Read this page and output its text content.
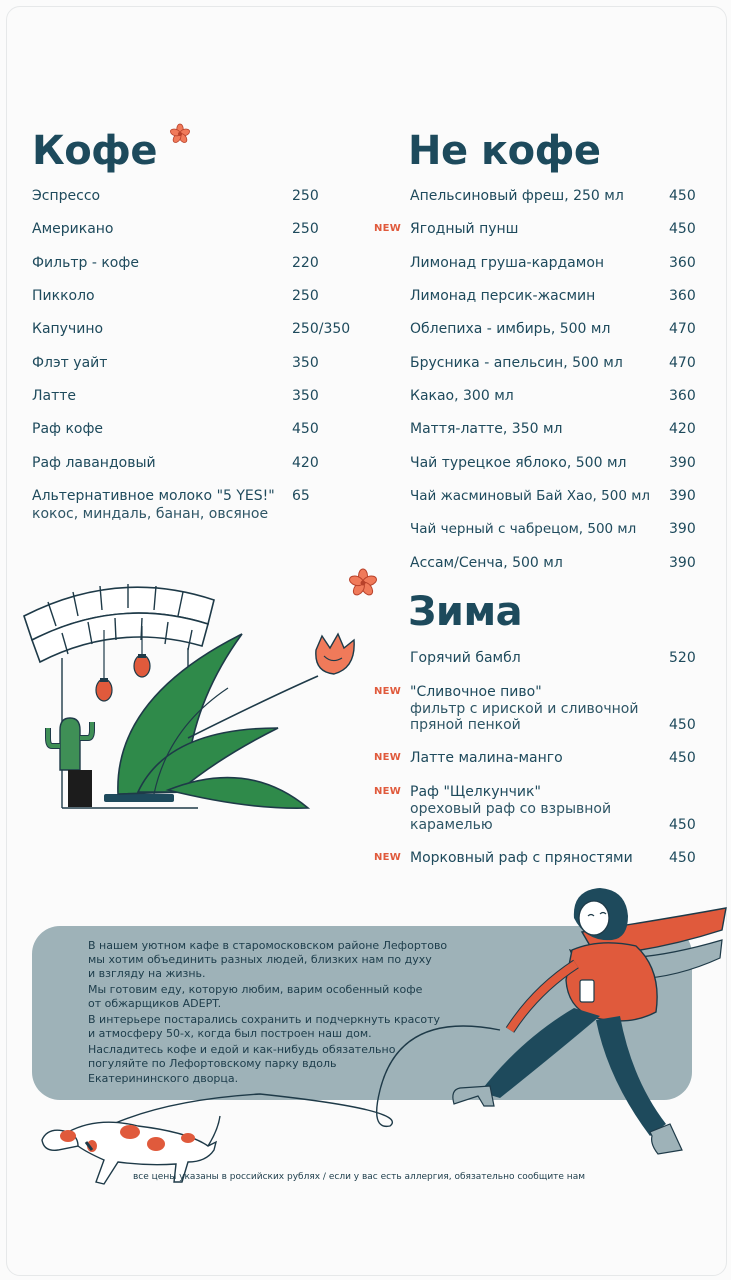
Кофе
Эспрессо	250
Американо	250
Фильтр - кофе	220
Пикколо	250
Капучино	250/350
Флэт уайт	350
Латте	350
Раф кофе	450
Раф лавандовый	420
Альтернативное молоко "5 YES!" 65
кокос, миндаль, банан, овсяное
Не кофе
Апельсиновый фреш, 250 мл	450
NEW Ягодный пунш	450
Лимонад груша-кардамон	360
Лимонад персик-жасмин	360
Облепиха - имбирь, 500 мл	470
Брусника - апельсин, 500 мл	470
Какао, 300 мл	360
Маття-латте, 350 мл	420
Чай турецкое яблоко, 500 мл	390
Чай жасминовый Бай Хао, 500 мл 390
Чай черный с чабрецом, 500 мл 390
Ассам/Сенча, 500 мл	390
Зима
Горячий бамбл	520
NEW "Сливочное пиво"
фильтр с ириской и сливочной
пряной пенкой	450
NEW Латте малина-манго	450
NEW Раф "Щелкунчик"
ореховый раф со взрывной
карамелью	450
NEW Морковный раф с пряностями	450
В нашем уютном кафе в старомосковском районе Лефортово
мы хотим объединить разных людей, близких нам по духу
и взгляду на жизнь.
Мы готовим еду, которую любим, варим особенный кофе
от обжарщиков ADEPT.
В интерьере постарались сохранить и подчеркнуть красоту
и атмосферу 50-х, когда был построен наш дом.
Насладитесь кофе и едой и как-нибудь обязательно
погуляйте по Лефортовскому парку вдоль
Екатерининского дворца.
все цены указаны в российских рублях / если у вас есть аллергия, обязательно сообщите нам
